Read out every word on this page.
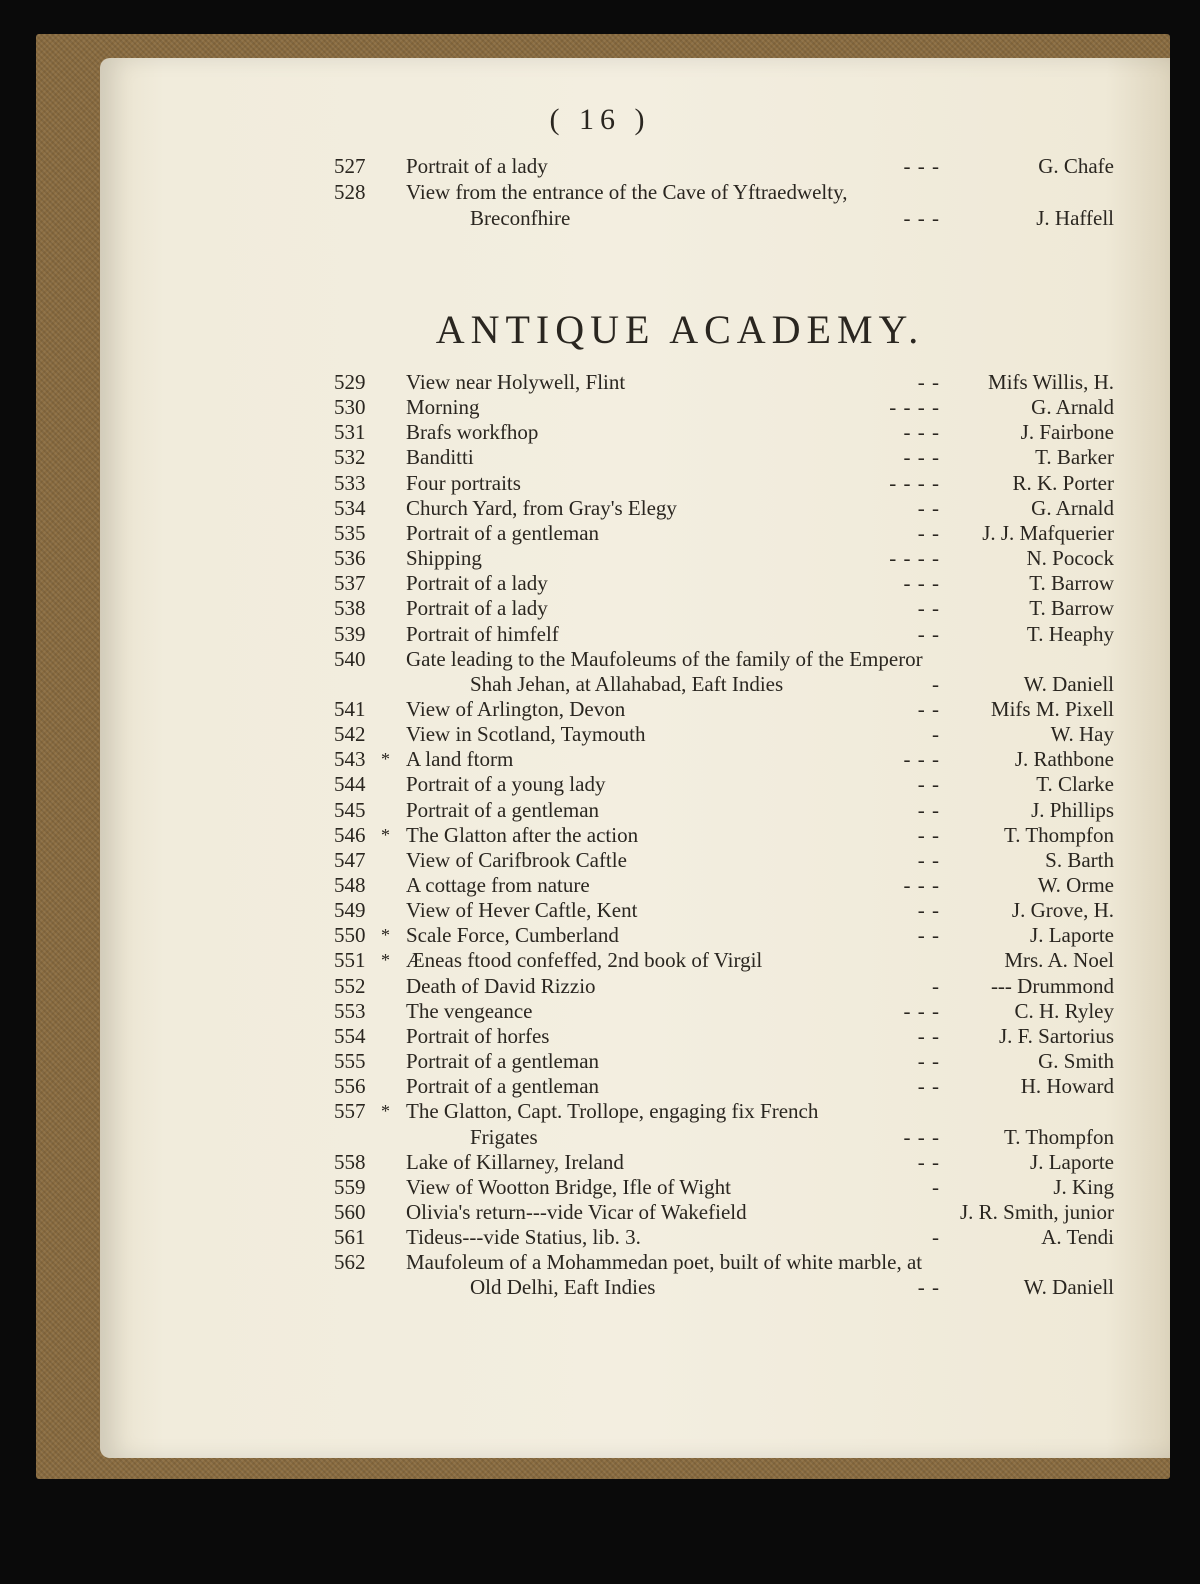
( 16 )
527 Portrait of a lady	- - -	G. Chafe
528 View from the entrance of the Cave of Yftraedwelty,
Breconfhire	- - -	J. Haffell
ANTIQUE ACADEMY.
529 View near Holywell, Flint	- -	Mifs Willis, H.
530 Morning	- - - -	G. Arnald
531 Brafs workfhop	- - -	J. Fairbone
532 Banditti	- - -	T. Barker
533 Four portraits	- - - -	R. K. Porter
534 Church Yard, from Gray's Elegy	- -	G. Arnald
535 Portrait of a gentleman	- -	J. J. Mafquerier
536 Shipping	- - - -	N. Pocock
537 Portrait of a lady	- - -	T. Barrow
538 Portrait of a lady	- -	T. Barrow
539 Portrait of himfelf	- -	T. Heaphy
540 Gate leading to the Maufoleums of the family of the Emperor
Shah Jehan, at Allahabad, Eaft Indies	-	W. Daniell
541 View of Arlington, Devon	- -	Mifs M. Pixell
542 View in Scotland, Taymouth	-	W. Hay
543 * A land ftorm	- - -	J. Rathbone
544 Portrait of a young lady	- -	T. Clarke
545 Portrait of a gentleman	- -	J. Phillips
546 * The Glatton after the action	- -	T. Thompfon
547 View of Carifbrook Caftle	- -	S. Barth
548 A cottage from nature	- - -	W. Orme
549 View of Hever Caftle, Kent	- -	J. Grove, H.
550 * Scale Force, Cumberland	- -	J. Laporte
551 * Æneas ftood confeffed, 2nd book of Virgil	Mrs. A. Noel
552 Death of David Rizzio	-	--- Drummond
553 The vengeance	- - -	C. H. Ryley
554 Portrait of horfes	- -	J. F. Sartorius
555 Portrait of a gentleman	- -	G. Smith
556 Portrait of a gentleman	- -	H. Howard
557 * The Glatton, Capt. Trollope, engaging fix French
Frigates	- - -	T. Thompfon
558 Lake of Killarney, Ireland	- -	J. Laporte
559 View of Wootton Bridge, Ifle of Wight	-	J. King
560 Olivia's return---vide Vicar of Wakefield	J. R. Smith, junior
561 Tideus---vide Statius, lib. 3.	-	A. Tendi
562 Maufoleum of a Mohammedan poet, built of white marble, at
Old Delhi, Eaft Indies	- -	W. Daniell
